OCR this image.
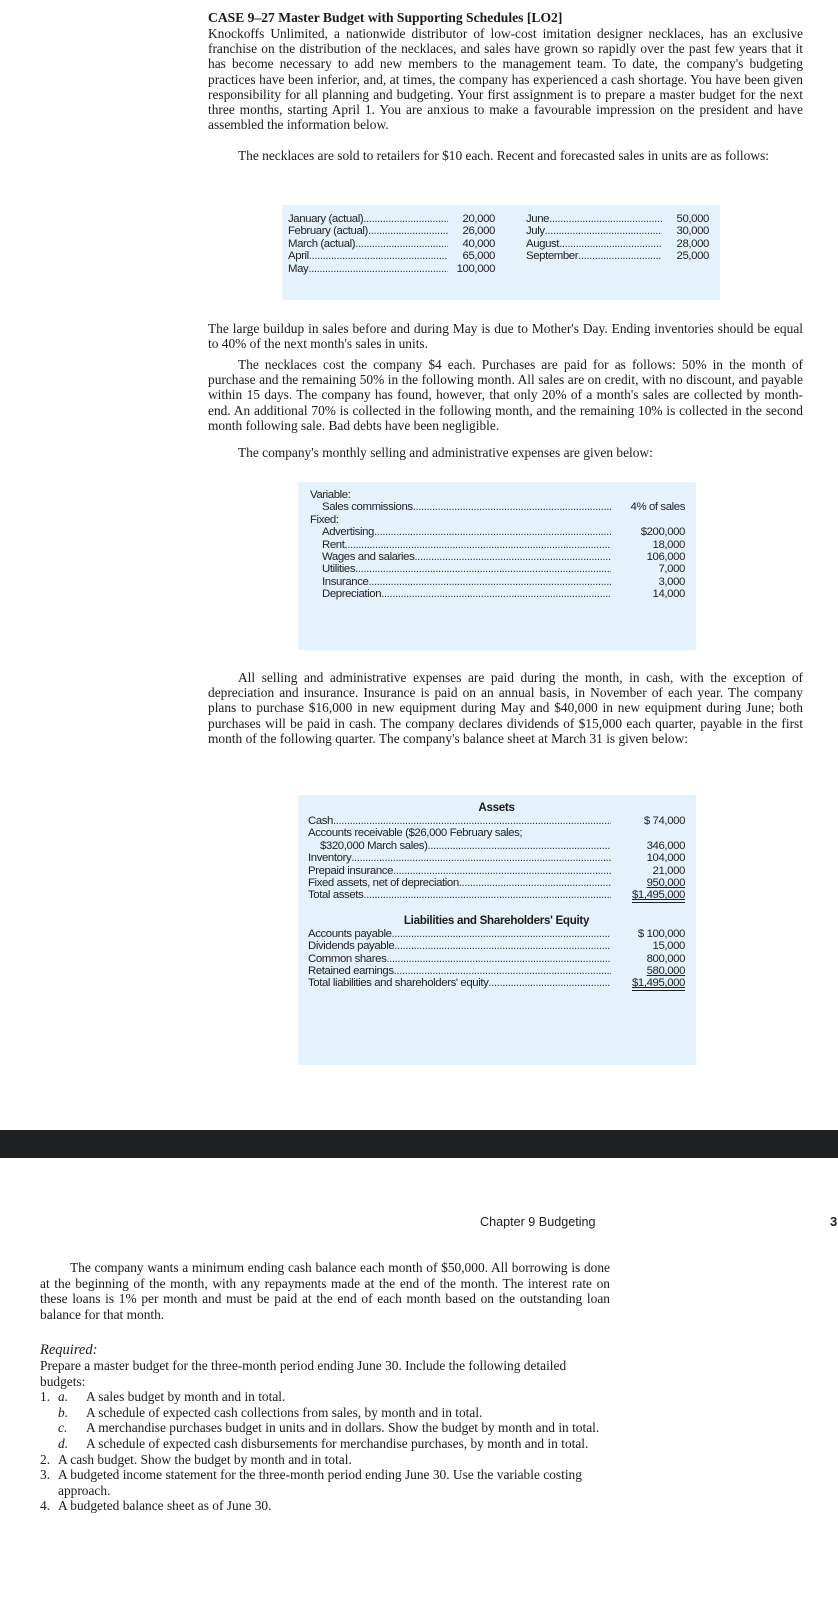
CASE 9–27 Master Budget with Supporting Schedules [LO2]
Knockoffs Unlimited, a nationwide distributor of low-cost imitation designer necklaces, has an exclusive franchise on the distribution of the necklaces, and sales have grown so rapidly over the past few years that it has become necessary to add new members to the management team. To date, the company's budgeting practices have been inferior, and, at times, the company has experienced a cash shortage. You have been given responsibility for all planning and budgeting. Your first assignment is to prepare a master budget for the next three months, starting April 1. You are anxious to make a favourable impression on the president and have assembled the information below.
The necklaces are sold to retailers for $10 each. Recent and forecasted sales in units are as follows:
January (actual) .....	20,000
February (actual) .....	26,000
March (actual) .....	40,000
April .....	65,000
May .....	100,000
June .....	50,000
July .....	30,000
August .....	28,000
September .....	25,000
The large buildup in sales before and during May is due to Mother's Day. Ending inventories should be equal to 40% of the next month's sales in units.
The necklaces cost the company $4 each. Purchases are paid for as follows: 50% in the month of purchase and the remaining 50% in the following month. All sales are on credit, with no discount, and payable within 15 days. The company has found, however, that only 20% of a month's sales are collected by month-end. An additional 70% is collected in the following month, and the remaining 10% is collected in the second month following sale. Bad debts have been negligible.
The company's monthly selling and administrative expenses are given below:
Variable:
Sales commissions .....	4% of sales
Fixed:
Advertising .....	$200,000
Rent .....	18,000
Wages and salaries .....	106,000
Utilities .....	7,000
Insurance .....	3,000
Depreciation .....	14,000
All selling and administrative expenses are paid during the month, in cash, with the exception of depreciation and insurance. Insurance is paid on an annual basis, in November of each year. The company plans to purchase $16,000 in new equipment during May and $40,000 in new equipment during June; both purchases will be paid in cash. The company declares dividends of $15,000 each quarter, payable in the first month of the following quarter. The company's balance sheet at March 31 is given below:
Assets
Cash .....	$ 74,000
Accounts receivable ($26,000 February sales;
$320,000 March sales) .....	346,000
Inventory .....	104,000
Prepaid insurance .....	21,000
Fixed assets, net of depreciation .....	950,000
Total assets .....	$1,495,000
Liabilities and Shareholders' Equity
Accounts payable .....	$ 100,000
Dividends payable .....	15,000
Common shares .....	800,000
Retained earnings .....	580,000
Total liabilities and shareholders' equity .....	$1,495,000
Chapter 9 Budgeting	3
The company wants a minimum ending cash balance each month of $50,000. All borrowing is done at the beginning of the month, with any repayments made at the end of the month. The interest rate on these loans is 1% per month and must be paid at the end of each month based on the outstanding loan balance for that month.
Required:
Prepare a master budget for the three-month period ending June 30. Include the following detailed budgets:
1. a.	A sales budget by month and in total.
b.	A schedule of expected cash collections from sales, by month and in total.
c.	A merchandise purchases budget in units and in dollars. Show the budget by month and in total.
d.	A schedule of expected cash disbursements for merchandise purchases, by month and in total.
2. A cash budget. Show the budget by month and in total.
3. A budgeted income statement for the three-month period ending June 30. Use the variable costing approach.
4. A budgeted balance sheet as of June 30.
